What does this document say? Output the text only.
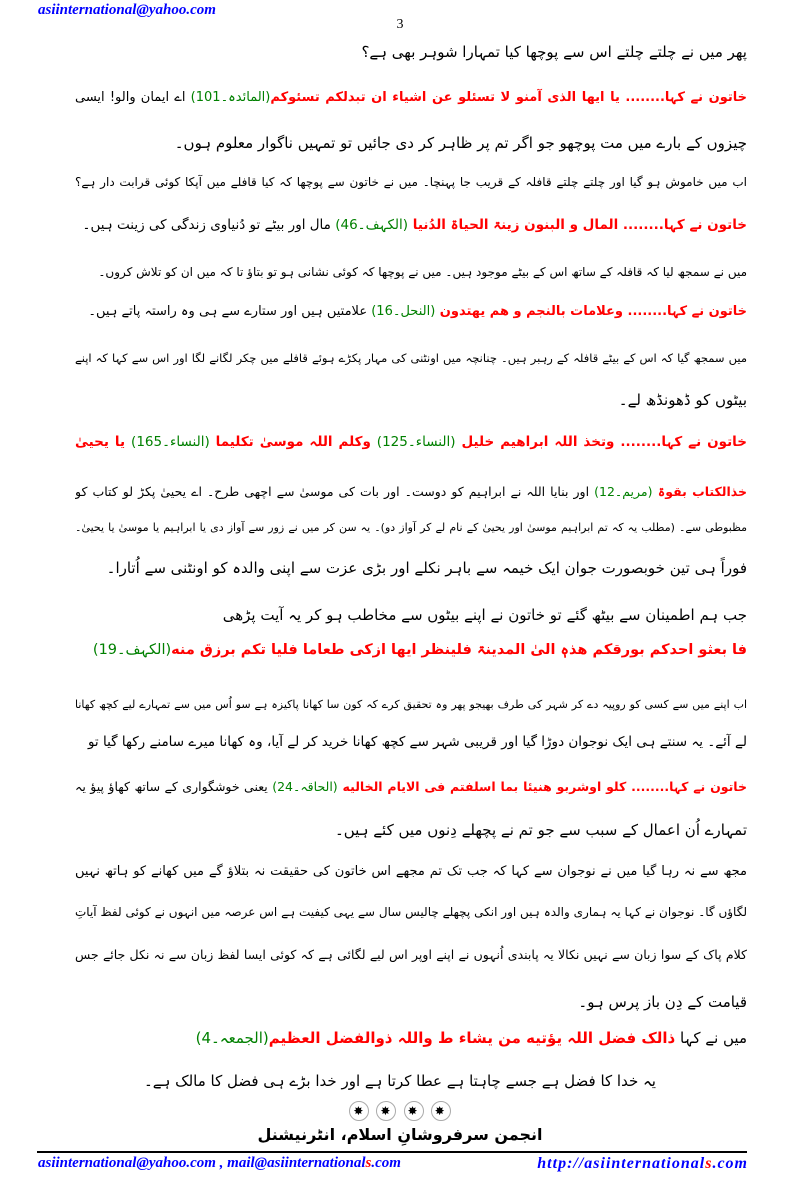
asiinternational@yahoo.com
3
پھر میں نے چلتے چلتے اس سے پوچھا کیا تمہارا شوہر بھی ہے؟
خاتون نے کہا........ یا ایھا الذی آمنو لا تسئلو عن اشیاء ان تبدلکم تسئوکم(المائدہ۔101) اے ایمان والو! ایسی
چیزوں کے بارے میں مت پوچھو جو اگر تم پر ظاہر کر دی جائیں تو تمہیں ناگوار معلوم ہوں۔
اب میں خاموش ہو گیا اور چلتے چلتے قافلہ کے قریب جا پہنچا۔ میں نے خاتون سے پوچھا کہ کیا قافلے میں آپکا کوئی قرابت دار ہے؟
خاتون نے کہا........ المال و البنون زینۃ الحیاۃ الدُنیا (الکہف۔46) مال اور بیٹے تو دُنیاوی زندگی کی زینت ہیں۔
میں نے سمجھ لیا کہ قافلہ کے ساتھ اس کے بیٹے موجود ہیں۔ میں نے پوچھا کہ کوئی نشانی ہو تو بتاؤ تا کہ میں ان کو تلاش کروں۔
خاتون نے کہا........ وعلامات بالنجم و ھم یھتدون (النحل۔16) علامتیں ہیں اور ستارے سے ہی وہ راستہ پاتے ہیں۔
میں سمجھ گیا کہ اس کے بیٹے قافلہ کے رہبر ہیں۔ چنانچہ میں اونٹنی کی مہار پکڑے ہوئے قافلے میں چکر لگانے لگا اور اس سے کہا کہ اپنے
بیٹوں کو ڈھونڈھ لے۔
خاتون نے کہا........ وتخذ اللہ ابراھیم خلیل (النساء۔125) وکلم اللہ موسیٰ تکلیما (النساء۔165) یا یحییٰ
خذالکتاب بقوۃ (مریم۔12) اور بنایا اللہ نے ابراہیم کو دوست۔ اور بات کی موسیٰ سے اچھی طرح۔ اے یحییٰ پکڑ لو کتاب کو
مظبوطی سے۔ (مطلب یہ کہ تم ابراہیم موسیٰ اور یحییٰ کے نام لے کر آواز دو)۔ یہ سن کر میں نے زور سے آواز دی یا ابراہیم یا موسیٰ یا یحییٰ۔
فوراً ہی تین خوبصورت جوان ایک خیمہ سے باہر نکلے اور بڑی عزت سے اپنی والدہ کو اونٹنی سے اُتارا۔
جب ہم اطمینان سے بیٹھ گئے تو خاتون نے اپنے بیٹوں سے مخاطب ہو کر یہ آیت پڑھی
فا بعثو احدکم بورقکم ھذہٖ الیٰ المدینۃ فلینظر ایھا ازکی طعاما فلیا تکم برزق منه(الکہف۔19)
اب اپنے میں سے کسی کو روپیہ دے کر شہر کی طرف بھیجو پھر وہ تحقیق کرے کہ کون سا کھانا پاکیزہ ہے سو اُس میں سے تمہارے لیے کچھ کھانا
لے آئے۔ یہ سنتے ہی ایک نوجوان دوڑا گیا اور قریبی شہر سے کچھ کھانا خرید کر لے آیا، وہ کھانا میرے سامنے رکھا گیا تو
خاتون نے کہا........ کلو اوشربو ھنیئا بما اسلفتم فی الایام الخالیه (الحاقہ۔24) یعنی خوشگواری کے ساتھ کھاؤ پیؤ یہ
تمہارے اُن اعمال کے سبب سے جو تم نے پچھلے دِنوں میں کئے ہیں۔
مجھ سے نہ رہا گیا میں نے نوجوان سے کہا کہ جب تک تم مجھے اس خاتون کی حقیقت نہ بتلاؤ گے میں کھانے کو ہاتھ نہیں
لگاؤں گا۔ نوجوان نے کہا یہ ہماری والدہ ہیں اور انکی پچھلے چالیس سال سے یہی کیفیت ہے اس عرصہ میں انہوں نے کوئی لفظ آیاتِ
کلام پاک کے سوا زبان سے نہیں نکالا یہ پابندی اُنہوں نے اپنے اوپر اس لیے لگائی ہے کہ کوئی ایسا لفظ زبان سے نہ نکل جائے جس
قیامت کے دِن باز پرس ہو۔
میں نے کہا ذالک فضل اللہ یؤتیه من یشاء ط واللہ ذوالفضل العظیم(الجمعہ۔4)
یہ خدا کا فضل ہے جسے چاہتا ہے عطا کرتا ہے اور خدا بڑے ہی فضل کا مالک ہے۔
✸ ✸ ✸ ✸
انجمن سرفروشانِ اسلام، انٹرنیشنل
asiinternational@yahoo.com , mail@asiinternationals.com	http://asiinternationals.com
